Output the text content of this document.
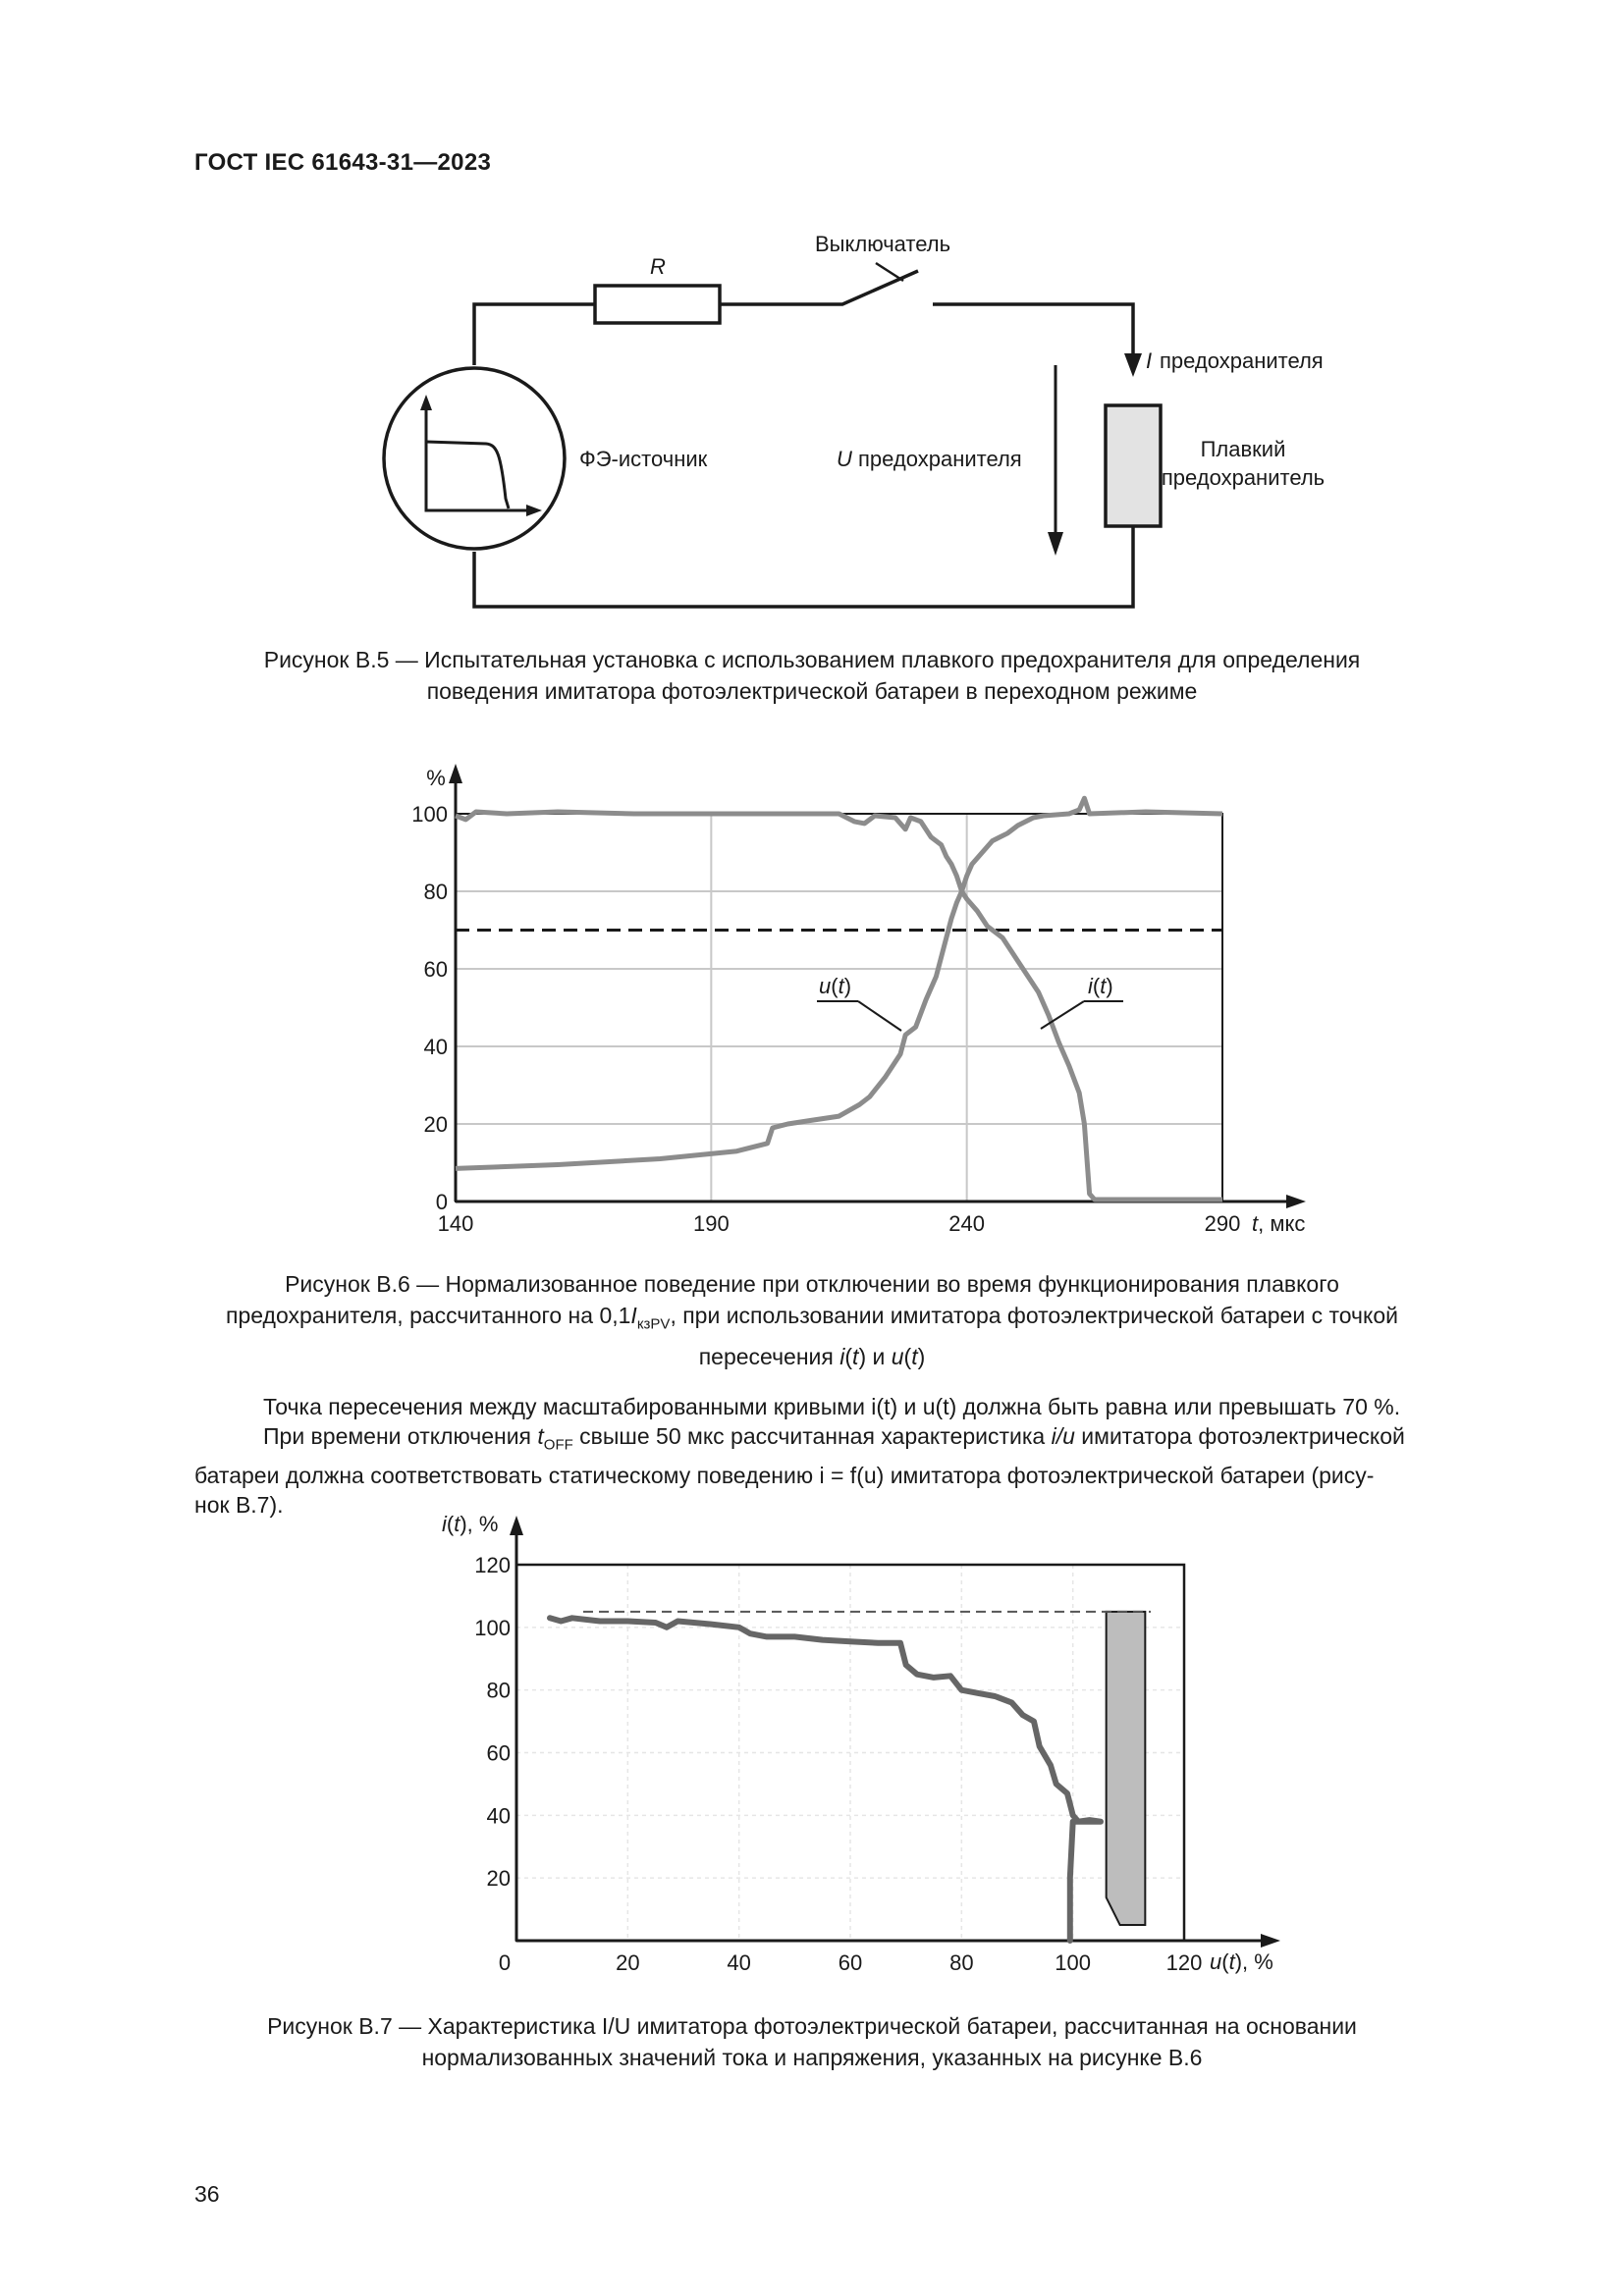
ГОСТ IEC 61643-31—2023
R
Выключатель
I предохранителя
ФЭ-источник	U предохранителя	Плавкий
предохранитель
Рисунок В.5 — Испытательная установка с использованием плавкого предохранителя для определения
поведения имитатора фотоэлектрической батареи в переходном режиме
140	190	240	290
0
20
40
60
80
100
%
t, мкс
u(t)	i(t)
Рисунок В.6 — Нормализованное поведение при отключении во время функционирования плавкого
предохранителя, рассчитанного на $0,1I_{кзPV}$, при использовании имитатора фотоэлектрической батареи с точкой
пересечения i(t) и u(t)

Точка пересечения между масштабированными кривыми i(t) и u(t) должна быть равна или превышать 70 %.

При времени отключения $t_{OFF}$ свыше 50 мкс рассчитанная характеристика i/u имитатора фотоэлектрической

батареи должна соответствовать статическому поведению i = f(u) имитатора фотоэлектрической батареи (рису-

нок В.7).

0	20	40	60	80	100	120
20
40
60
80
100
120
i(t), %
u(t), %
Рисунок В.7 — Характеристика I/U имитатора фотоэлектрической батареи, рассчитанная на основании
нормализованных значений тока и напряжения, указанных на рисунке В.6
36
